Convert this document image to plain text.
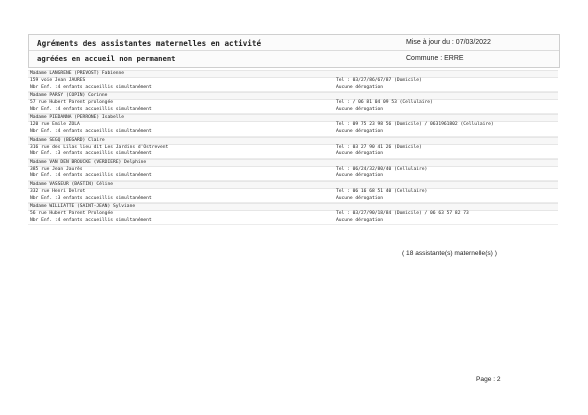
Agréments des assistantes maternelles en activité
agréées en accueil non permanent
Mise à jour du : 07/03/2022
Commune : ERRE
Madame LANGRENE (PREVOST) Fabienne
159 voie Jean JAURES	Tel : 03/27/86/67/87 (Domicile)
Nbr Enf. :4 enfants accueillis simultanément	Aucune dérogation
Madame PARSY (COPIN) Corinne
57 rue Hubert Parent prolongée	Tel : / 06 81 04 09 53 (Cellulaire)
Nbr Enf. :4 enfants accueillis simultanément	Aucune dérogation
Madame PIEDANNA (PERRONE) Isabelle
120 rue Emile ZOLA	Tel : 09 75 23 98 56 (Domicile) / 0631961802 (Cellulaire)
Nbr Enf. :4 enfants accueillis simultanément	Aucune dérogation
Madame SEGQ (BEGARD) Claire
316 rue des Lilas lieu dit Les Jardins d'Ostrevent	Tel : 03 27 90 41 26 (Domicile)
Nbr Enf. :3 enfants accueillis simultanément	Aucune dérogation
Madame VAN DEN BROUCKE (VERDIERE) Delphine
385 rue Jean Jaurès	Tel : 06/24/32/80/40 (Cellulaire)
Nbr Enf. :4 enfants accueillis simultanément	Aucune dérogation
Madame VASSEUR (BASTIN) Céline
332 rue Henri Delrot	Tel : 06 16 68 51 40 (Cellulaire)
Nbr Enf. :3 enfants accueillis simultanément	Aucune dérogation
Madame WILLIATTE (SAINT-JEAN) Sylviane
56 rue Hubert Parent Prolongée	Tel : 03/27/90/18/84 (Domicile) / 06 63 57 82 73
Nbr Enf. :4 enfants accueillis simultanément	Aucune dérogation
( 18 assistante(s) maternelle(s) )
Page : 2
